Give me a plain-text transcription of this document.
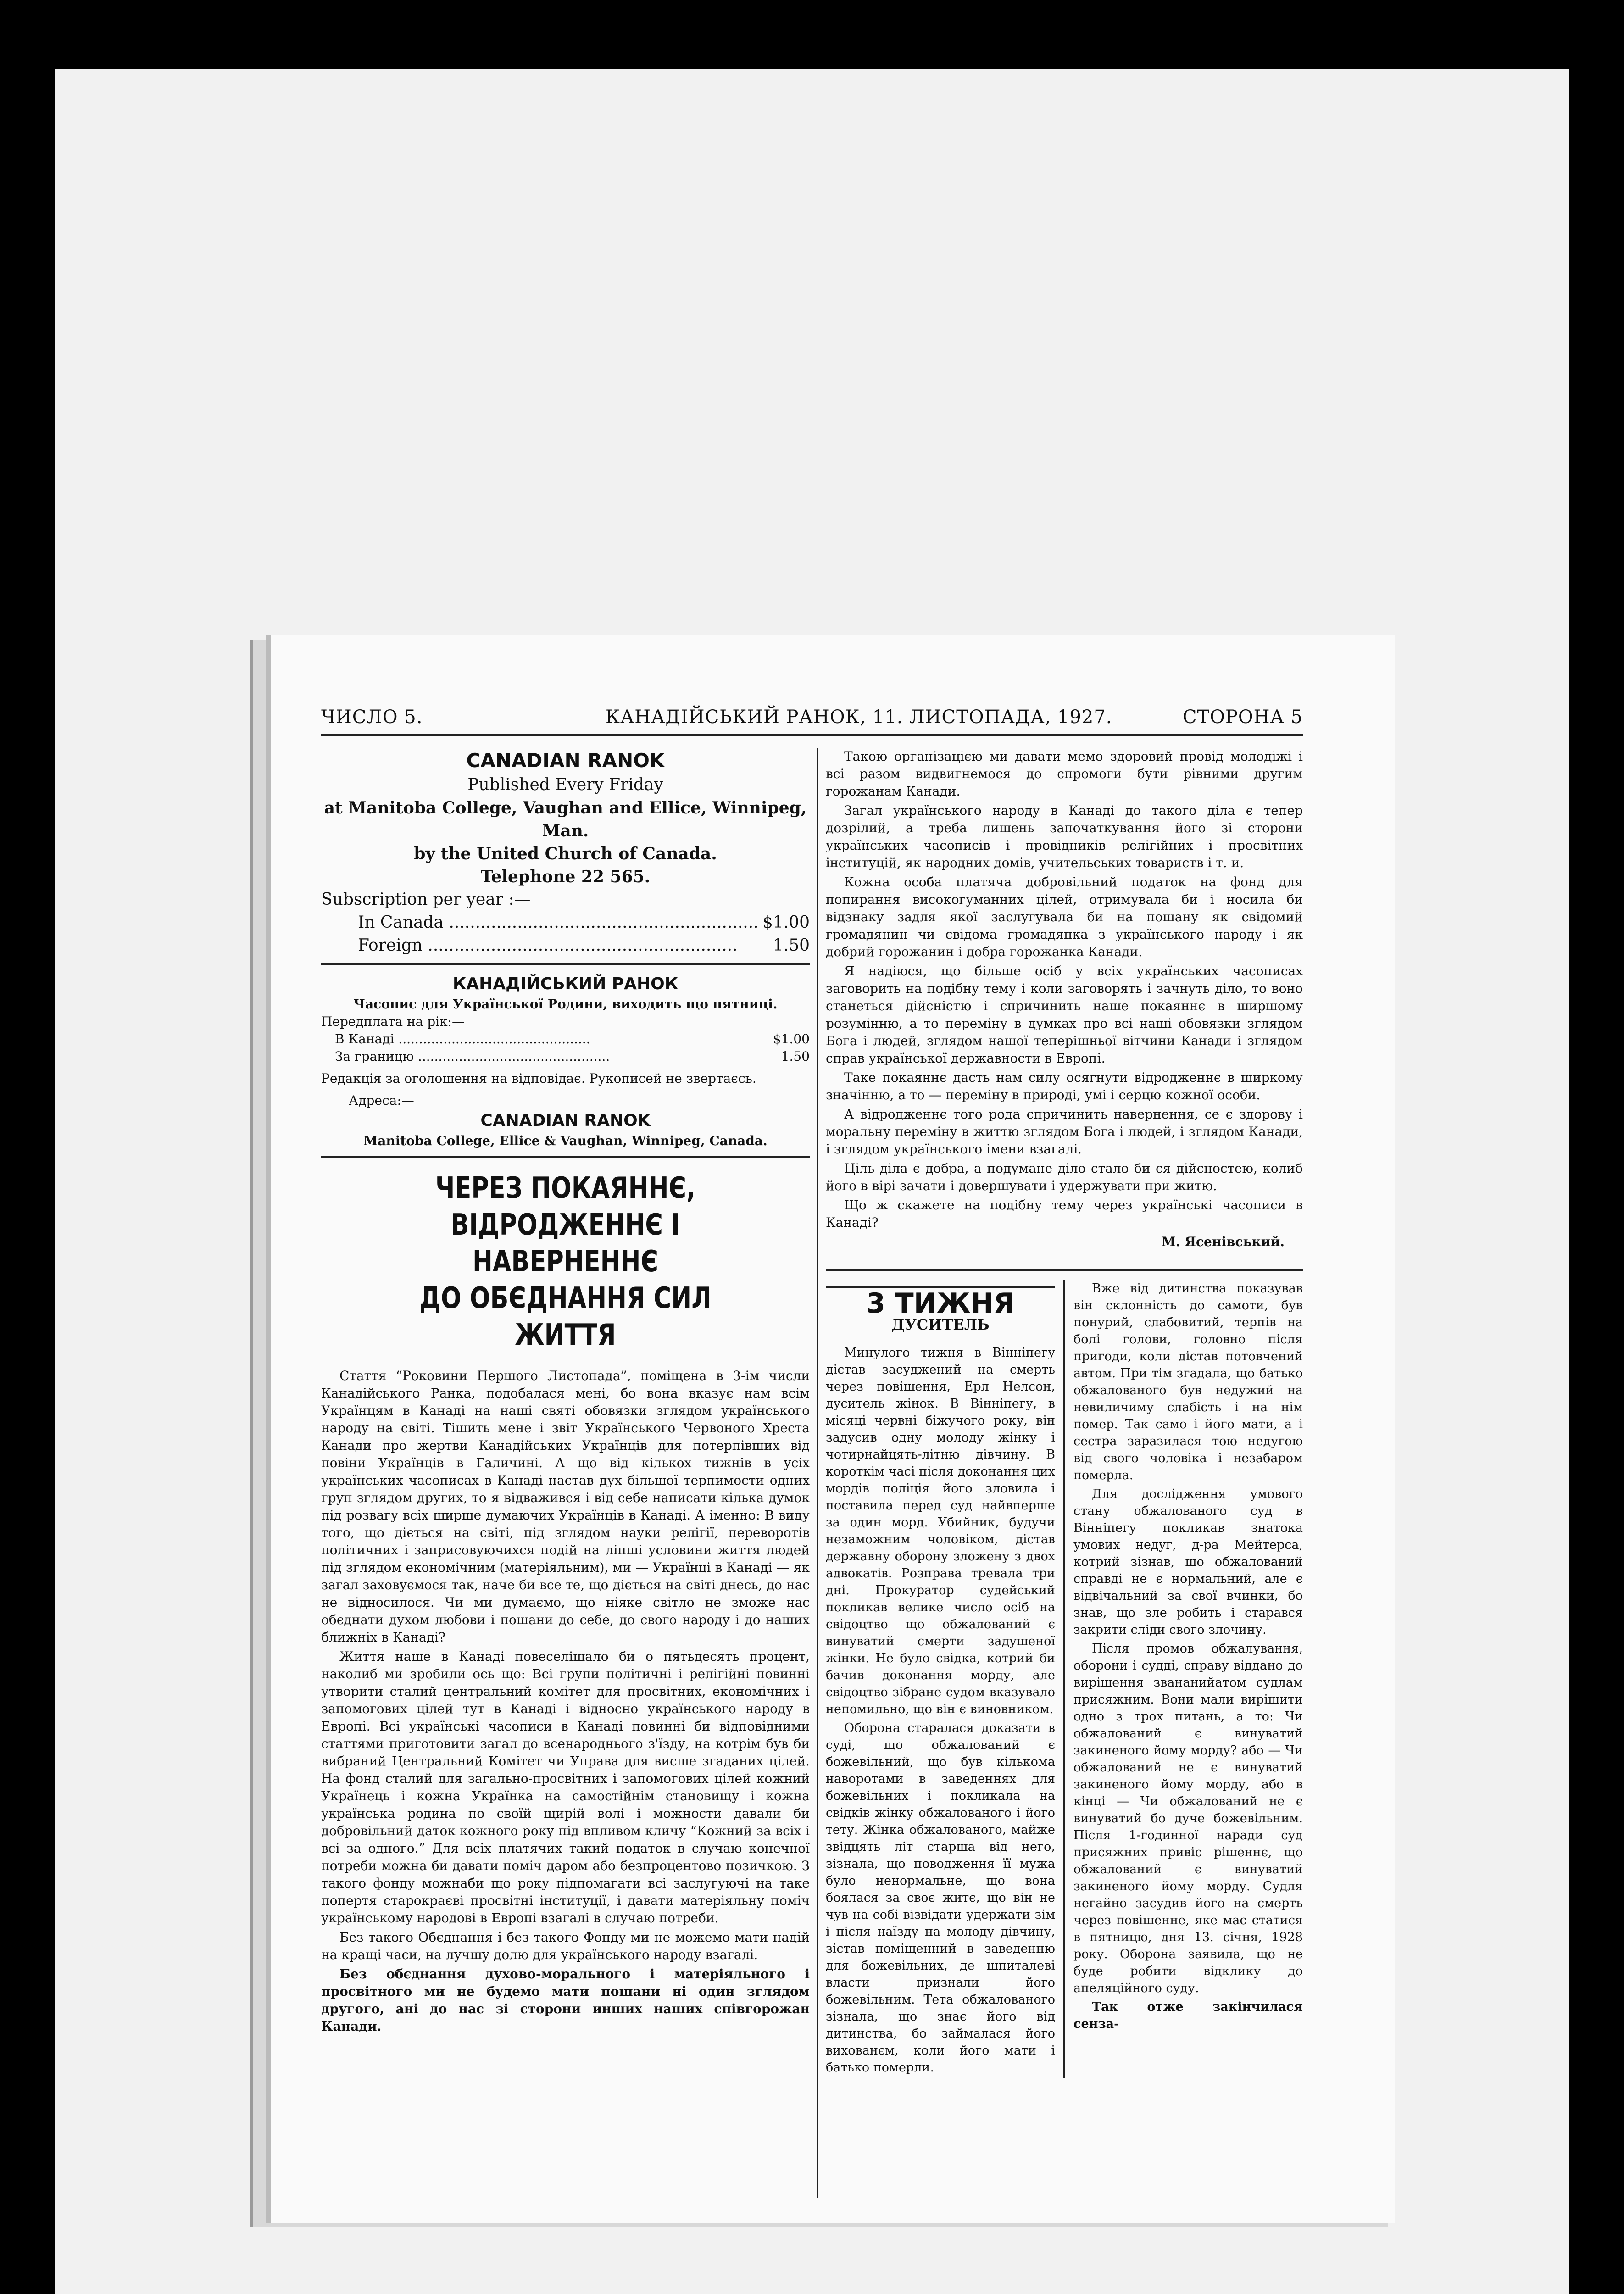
ЧИСЛО 5.	КАНАДІЙСЬКИЙ РАНОК, 11. ЛИСТОПАДА, 1927.	СТОРОНА 5
CANADIAN RANOK
Published Every Friday
at Manitoba College, Vaughan and Ellice, Winnipeg, Man.
by the United Church of Canada.
Telephone 22 565.
Subscription per year :—
In Canada ........................................................... $1.00
Foreign ........................................................... 1.50
КАНАДІЙСЬКИЙ РАНОК
Часопис для Української Родини, виходить що пятниці.
Передплата на рік:—
В Канаді ...............................................	$1.00
За границю ...............................................	1.50
Редакція за оголошення на відповідає. Рукописей не звертаєсь.
Адреса:—
CANADIAN RANOK
Manitoba College, Ellice & Vaughan, Winnipeg, Canada.
ЧЕРЕЗ ПОКАЯННЄ, ВІДРОДЖЕННЄ І НАВЕРНЕННЄ
ДО ОБЄДНАННЯ СИЛ ЖИТТЯ

Стаття “Роковини Першого Листопада”, поміщена в 3-ім числи Канадійського Ранка, подобалася мені, бо вона вказує нам всім Українцям в Канаді на наші святі обовязки зглядом українського народу на світі. Тішить мене і звіт Українського Червоного Хреста Канади про жертви Канадійських Українців для потерпівших від повіни Українців в Галичині. А що від кількох тижнів в усіх українських часописах в Канаді настав дух більшої терпимости одних груп зглядом других, то я відважився і від себе написати кілька думок під розвагу всіх ширше думаючих Українців в Канаді. А іменно: В виду того, що діється на світі, під зглядом науки релігії, переворотів політичних і заприсовуючихся подій на ліпші условини життя людей під зглядом економічним (матеріяльним), ми — Українці в Канаді — як загал заховуємося так, наче би все те, що діється на світі днесь, до нас не відносилося. Чи ми думаємо, що ніяке світло не зможе нас обєднати духом любови і пошани до себе, до свого народу і до наших ближніх в Канаді?

Життя наше в Канаді повеселішало би о пятьдесять процент, наколиб ми зробили ось що: Всі групи політичні і релігійні повинні утворити сталий центральний комітет для просвітних, економічних і запомогових цілей тут в Канаді і відносно українського народу в Европі. Всі українські часописи в Канаді повинні би відповідними статтями приготовити загал до всенароднього з'їзду, на котрім був би вибраний Центральний Комітет чи Управа для висше згаданих цілей. На фонд сталий для загально-просвітних і запомогових цілей кожний Українець і кожна Українка на самостійнім становищу і кожна українська родина по своїй щирій волі і можности давали би добровільний даток кожного року під впливом кличу “Кожний за всіх і всі за одного.” Для всіх платячих такий податок в случаю конечної потреби можна би давати поміч даром або безпроцентово позичкою. З такого фонду можнаби що року підпомагати всі заслугуючі на таке попертя старокраєві просвітні інституції, і давати матеріяльну поміч українському народові в Европі взагалі в случаю потреби.

Без такого Обєднання і без такого Фонду ми не можемо мати надій на кращі часи, на лучшу долю для українського народу взагалі.

Без обєднання духово-морального і матеріяльного і просвітного ми не будемо мати пошани ні один зглядом другого, ані до нас зі сторони инших наших співгорожан Канади.

Такою організацією ми давати мемо здоровий провід молодіжі і всі разом видвигнемося до спромоги бути рівними другим горожанам Канади.

Загал українського народу в Канаді до такого діла є тепер дозрілий, а треба лишень започаткування його зі сторони українських часописів і провідників релігійних і просвітних інституцій, як народних домів, учительських товариств і т. и.

Кожна особа платяча добровільний податок на фонд для попирання високогуманних цілей, отримувала би і носила би відзнаку задля якої заслугувала би на пошану як свідомий громадянин чи свідома громадянка з українського народу і як добрий горожанин і добра горожанка Канади.

Я надіюся, що більше осіб у всіх українських часописах заговорить на подібну тему і коли заговорять і зачнуть діло, то воно станеться дійсністю і спричинить наше покаяннє в ширшому розумінню, а то переміну в думках про всі наші обовязки зглядом Бога і людей, зглядом нашої теперішньої вітчини Канади і зглядом справ української державности в Европі.

Таке покаяннє дасть нам силу осягнути відродженнє в ширкому значінню, а то — переміну в природі, умі і серцю кожної особи.

А відродженнє того рода спричинить навернення, се є здорову і моральну переміну в життю зглядом Бога і людей, і зглядом Канади, і зглядом українського імени взагалі.

Ціль діла є добра, а подумане діло стало би ся дійсностею, колиб його в вірі зачати і довершувати і удержувати при житю.

Що ж скажете на подібну тему через українські часописи в Канаді?

М. Ясенівський.
3 ТИЖНЯ
ДУСИТЕЛЬ

Минулого тижня в Вінніпегу дістав засуджений на смерть через повішення, Ерл Нелсон, дуситель жінок. В Вінніпегу, в місяці червні біжучого року, він задусив одну молоду жінку і чотирнайцять-літню дівчину. В короткім часі після доконання цих мордів поліція його зловила і поставила перед суд найвперше за один морд. Убийник, будучи незаможним чоловіком, дістав державну оборону зложену з двох адвокатів. Розправа тревала три дні. Прокуратор судейський покликав велике число осіб на свідоцтво що обжалований є винуватий смерти задушеної жінки. Не було свідка, котрий би бачив доконання морду, але свідоцтво зібране судом вказувало непомильно, що він є виновником.

Оборона старалася доказати в суді, що обжалований є божевільний, що був кількома наворотами в заведеннях для божевільних і покликала на свідків жінку обжалованого і його тету. Жінка обжалованого, майже звідцять літ старша від него, зізнала, що поводження її мужа було ненормальне, що вона боялася за своє житє, що він не чув на собі візвідати удержати зім і після наїзду на молоду дівчину, зістав поміщенний в заведенню для божевільних, де шпиталеві власти признали його божевільним. Тета обжалованого зізнала, що знає його від дитинства, бо займалася його вихованєм, коли його мати і батько померли.

Вже від дитинства показував він склонність до самоти, був понурий, слабовитий, терпів на болі голови, головно після пригоди, коли дістав потовчений автом. При тім згадала, що батько обжалованого був недужий на невиличиму слабість і на нім помер. Так само і його мати, а і сестра заразилася тою недугою від свого чоловіка і незабаром померла.

Для дослідження умового стану обжалованого суд в Вінніпегу покликав знатока умових недуг, д-ра Мейтерса, котрий зізнав, що обжалований справді не є нормальний, але є відвічальний за свої вчинки, бо знав, що зле робить і старався закрити сліди свого злочину.

Після промов обжалування, оборони і судді, справу віддано до вирішення звананийатом судлам присяжним. Вони мали вирішити одно з трох питань, а то: Чи обжалований є винуватий закиненого йому морду? або — Чи обжалований не є винуватий закиненого йому морду, або в кінці — Чи обжалований не є винуватий бо дуче божевільним. Після 1-годинної наради суд присяжних привіс рішеннє, що обжалований є винуватий закиненого йому морду. Судля негайно засудив його на смерть через повішенне, яке має статися в пятницю, дня 13. січня, 1928 року. Оборона заявила, що не буде робити відклику до апеляційного суду.

Так отже закінчилася сенза-
